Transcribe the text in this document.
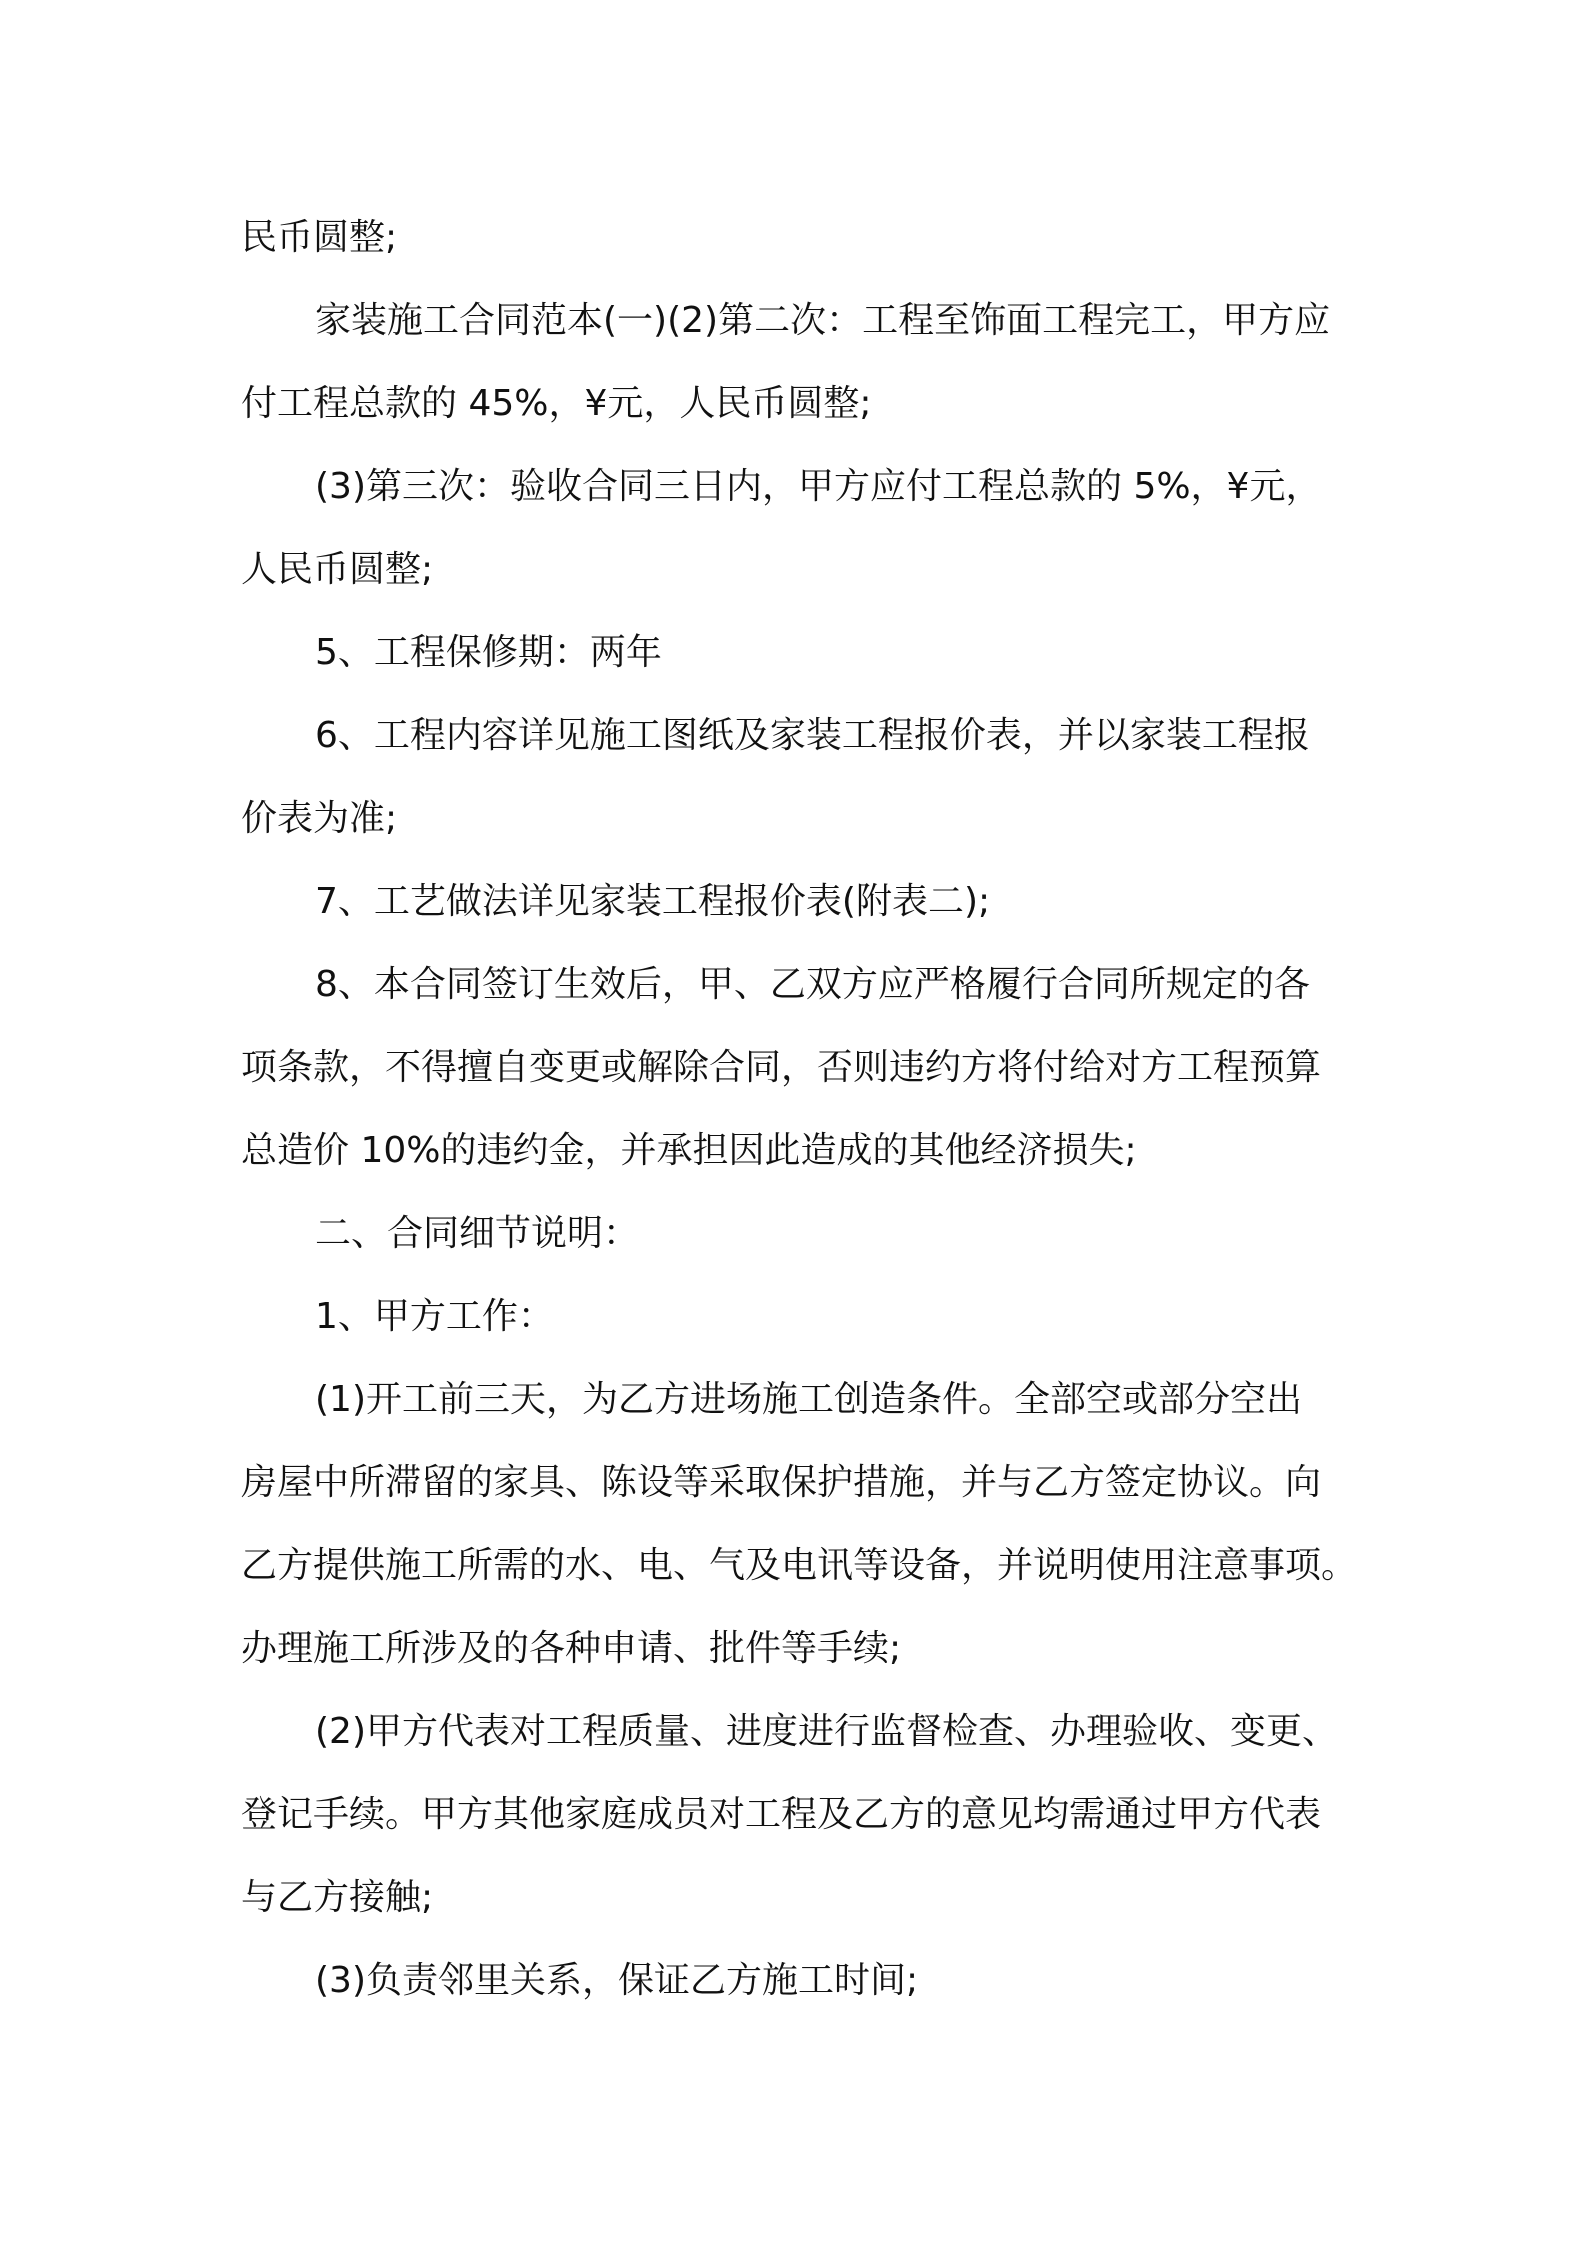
民币圆整;
家装施工合同范本(一)(2)第二次：工程至饰面工程完工，甲方应
付工程总款的 45%，¥元，人民币圆整;
(3)第三次：验收合同三日内，甲方应付工程总款的 5%，¥元，
人民币圆整;
5、工程保修期：两年
6、工程内容详见施工图纸及家装工程报价表，并以家装工程报
价表为准;
7、工艺做法详见家装工程报价表(附表二);
8、本合同签订生效后，甲、乙双方应严格履行合同所规定的各
项条款，不得擅自变更或解除合同，否则违约方将付给对方工程预算
总造价 10%的违约金，并承担因此造成的其他经济损失;
二、合同细节说明：
1、甲方工作：
(1)开工前三天，为乙方进场施工创造条件。全部空或部分空出
房屋中所滞留的家具、陈设等采取保护措施，并与乙方签定协议。向
乙方提供施工所需的水、电、气及电讯等设备，并说明使用注意事项。
办理施工所涉及的各种申请、批件等手续;
(2)甲方代表对工程质量、进度进行监督检查、办理验收、变更、
登记手续。甲方其他家庭成员对工程及乙方的意见均需通过甲方代表
与乙方接触;
(3)负责邻里关系，保证乙方施工时间;
